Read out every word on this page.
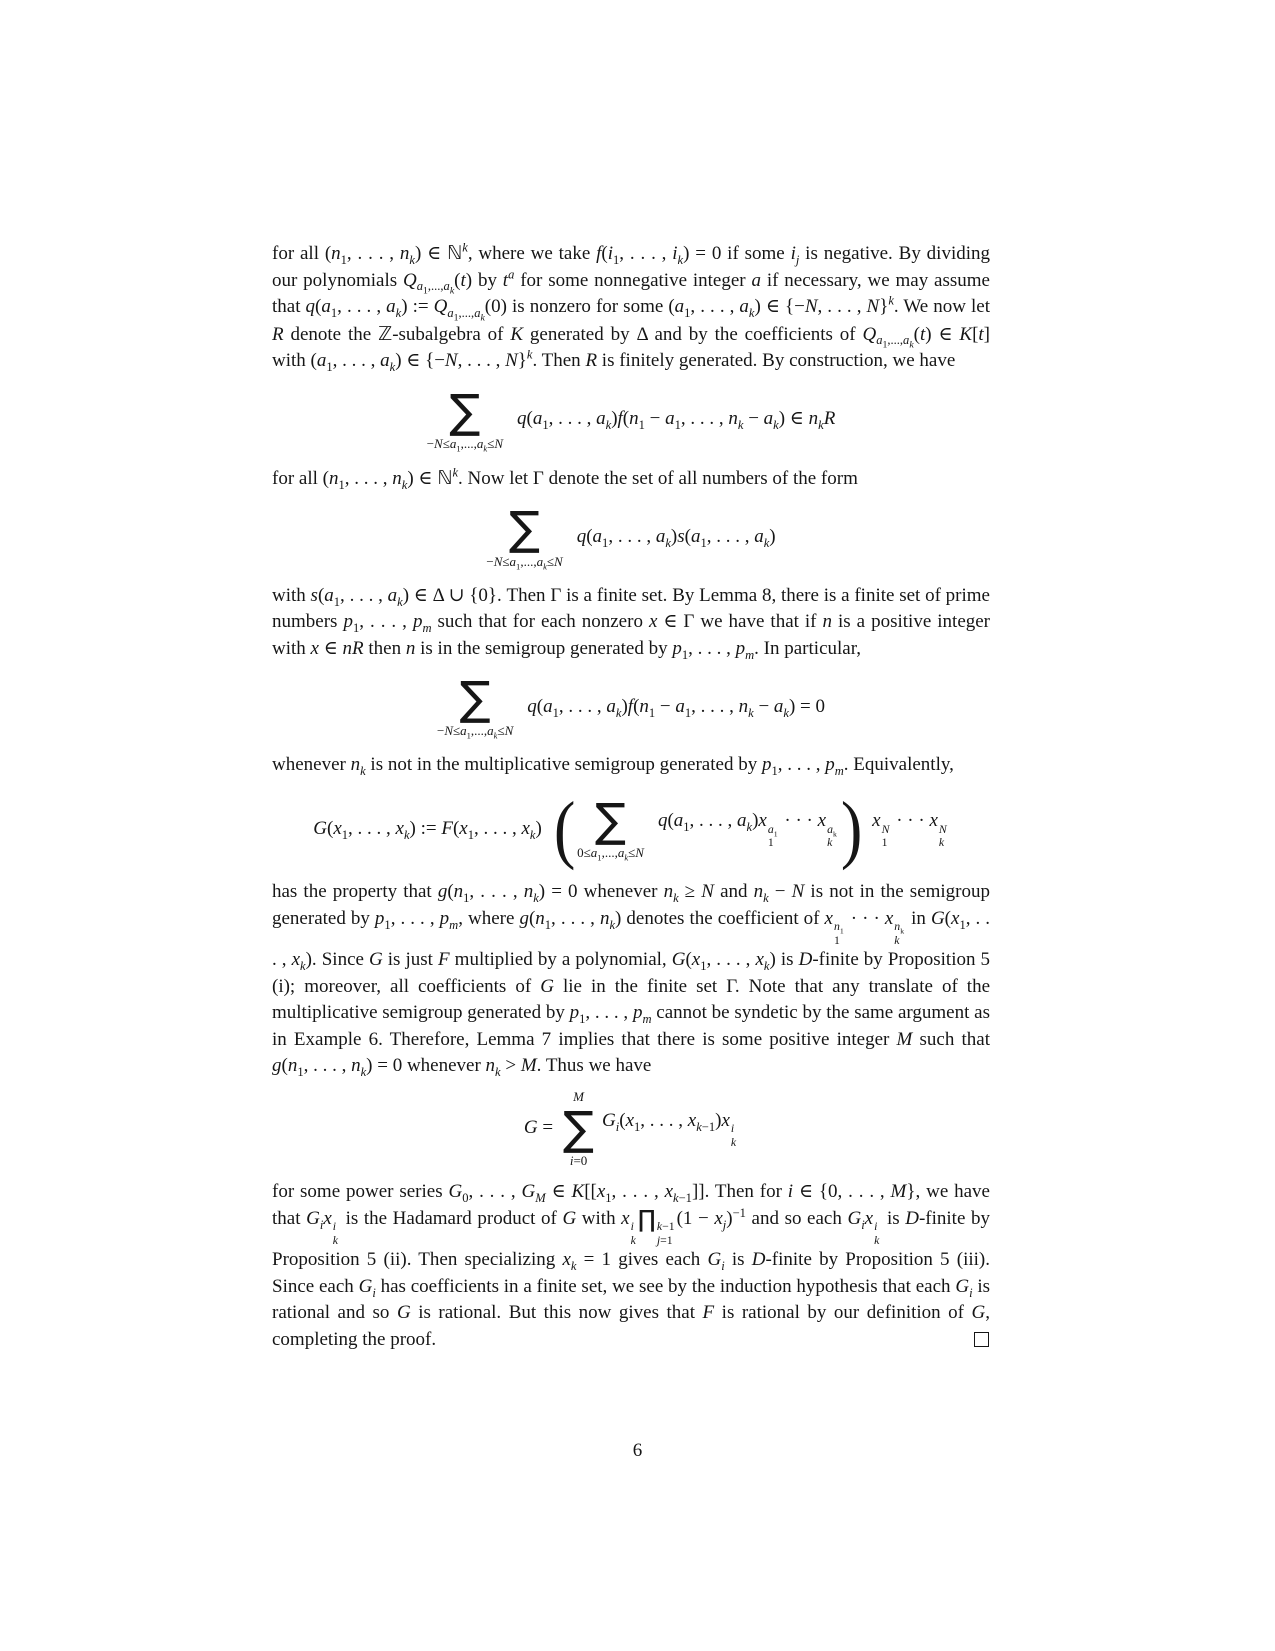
for all ($n_1$, . . . , $n_k$) ∈ ℕ$^k$, where we take $f(i_1$, . . . , $i_k) = 0$ if some $i_j$ is negative. By dividing our polynomials $Q_{a_1,...,a_k}(t)$ by $t^a$ for some nonnegative integer a if necessary, we may assume that $q(a_1$, . . . , $a_k$) := $Q_{a_1,...,a_k}(0)$ is nonzero for some ($a_1$, . . . , $a_k$) ∈ {−N, . . . , N}$^k$. We now let R denote the ℤ-subalgebra of K generated by Δ and by the coefficients of $Q_{a_1,...,a_k}(t)$ ∈ K[t] with ($a_1$, . . . , $a_k$) ∈ {−N, . . . , N}$^k$. Then R is finitely generated. By construction, we have

∑
$-N\le a_1,...,a_k\le N$
$q(a_1$, . . . , $a_k)f(n_1 - a_1$, . . . , $n_k - a_k$) ∈ $n_kR$

for all ($n_1$, . . . , $n_k$) ∈ ℕ$^k$. Now let Γ denote the set of all numbers of the form

∑
$-N\le a_1,...,a_k\le N$
$q(a_1$, . . . , $a_k)s(a_1$, . . . , $a_k$)

with $s(a_1$, . . . , $a_k$) ∈ Δ ∪ {0}. Then Γ is a finite set. By Lemma 8, there is a finite set of prime numbers $p_1$, . . . , $p_m$ such that for each nonzero x ∈ Γ we have that if n is a positive integer with x ∈ nR then n is in the semigroup generated by $p_1$, . . . , $p_m$. In particular,

∑
$-N\le a_1,...,a_k\le N$
$q(a_1$, . . . , $a_k)f(n_1 - a_1$, . . . , $n_k - a_k) = 0$

whenever $n_k$ is not in the multiplicative semigroup generated by $p_1$, . . . , $p_m$. Equivalently,

$G(x_1$, . . . , $x_k$) := $F(x_1$, . . . , $x_k$) ( ∑
$0\le a_1,...,a_k\le N$
$q(a_1$, . . . , $a_k)x$ $a_1$
1
· · · x $a_k$
k ) x N
1
· · · x N
k

has the property that $g(n_1$, . . . , $n_k) = 0$ whenever $n_k \ge N$ and $n_k - N$ is not in the semigroup generated by $p_1$, . . . , $p_m$, where $g(n_1$, . . . , $n_k$) denotes the coefficient of x $n_1$
1
· · · x $n_k$
k
in $G(x_1$, . . . , $x_k$). Since G is just F multiplied by a polynomial, $G(x_1$, . . . , $x_k$) is D-finite by Proposition 5 (i); moreover, all coefficients of G lie in the finite set Γ. Note that any translate of the multiplicative semigroup generated by $p_1$, . . . , $p_m$ cannot be syndetic by the same argument as in Example 6. Therefore, Lemma 7 implies that there is some positive integer M such that $g(n_1$, . . . , $n_k) = 0$ whenever $n_k > M$. Thus we have

G =
M
∑
i=0
$G_i(x_1$, . . . , $x_{k-1})x$ i
k

for some power series $G_0$, . . . , $G_M$ ∈ $K[[x_1$, . . . , $x_{k-1}$]]. Then for i ∈ {0, . . . , M}, we have that $G_ix$ i
k
is the Hadamard product of G with x i
k
∏ k−1
j=1
$(1 - x_j)^{-1}$ and so each $G_ix$ i
k
is D-finite by Proposition 5 (ii). Then specializing $x_k = 1$ gives each $G_i$ is D-finite by Proposition 5 (iii). Since each $G_i$ has coefficients in a finite set, we see by the induction hypothesis that each $G_i$ is rational and so G is rational. But this now gives that F is rational by our definition of G, completing the proof.

6
